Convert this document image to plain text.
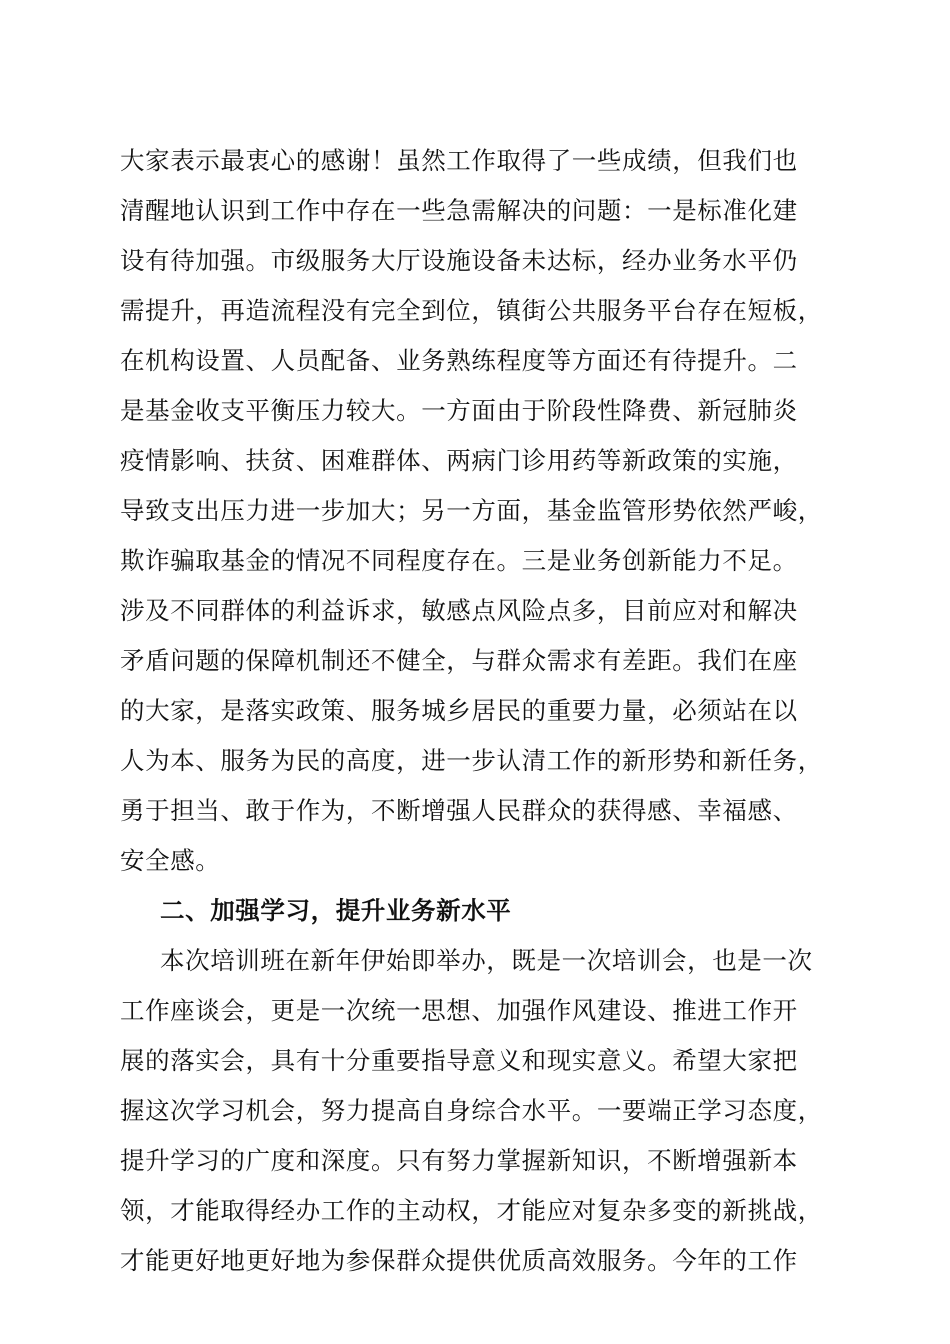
大家表示最衷心的感谢！虽然工作取得了一些成绩，但我们也
清醒地认识到工作中存在一些急需解决的问题：一是标准化建
设有待加强。市级服务大厅设施设备未达标，经办业务水平仍
需提升，再造流程没有完全到位，镇街公共服务平台存在短板，
在机构设置、人员配备、业务熟练程度等方面还有待提升。二
是基金收支平衡压力较大。一方面由于阶段性降费、新冠肺炎
疫情影响、扶贫、困难群体、两病门诊用药等新政策的实施，
导致支出压力进一步加大；另一方面，基金监管形势依然严峻，
欺诈骗取基金的情况不同程度存在。三是业务创新能力不足。
涉及不同群体的利益诉求，敏感点风险点多，目前应对和解决
矛盾问题的保障机制还不健全，与群众需求有差距。我们在座
的大家，是落实政策、服务城乡居民的重要力量，必须站在以
人为本、服务为民的高度，进一步认清工作的新形势和新任务，
勇于担当、敢于作为，不断增强人民群众的获得感、幸福感、
安全感。
二、加强学习，提升业务新水平
本次培训班在新年伊始即举办，既是一次培训会，也是一次
工作座谈会，更是一次统一思想、加强作风建设、推进工作开
展的落实会，具有十分重要指导意义和现实意义。希望大家把
握这次学习机会，努力提高自身综合水平。一要端正学习态度，
提升学习的广度和深度。只有努力掌握新知识，不断增强新本
领，才能取得经办工作的主动权，才能应对复杂多变的新挑战，
才能更好地更好地为参保群众提供优质高效服务。今年的工作
